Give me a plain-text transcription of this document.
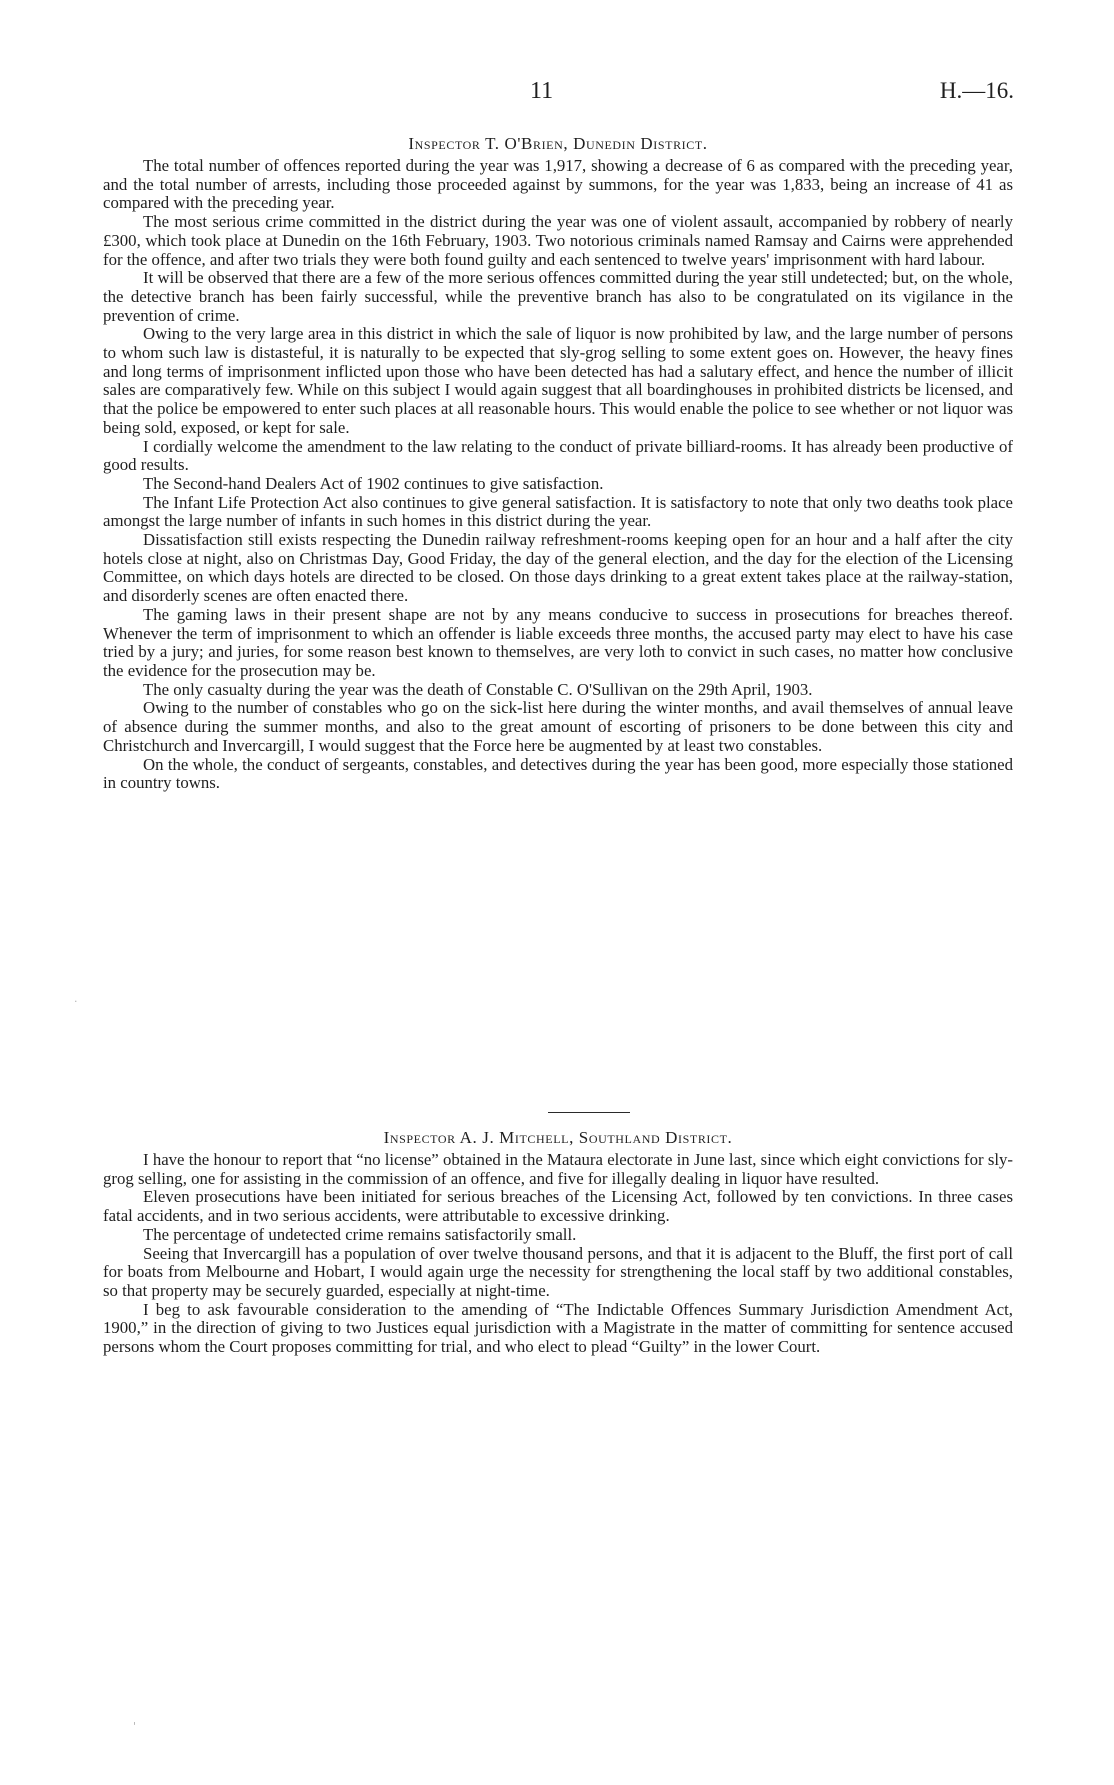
11	H.—16.
Inspector T. O'Brien, Dunedin District.

The total number of offences reported during the year was 1,917, showing a decrease of 6 as compared with the preceding year, and the total number of arrests, including those proceeded against by summons, for the year was 1,833, being an increase of 41 as compared with the preceding year.

The most serious crime committed in the district during the year was one of violent assault, accompanied by robbery of nearly £300, which took place at Dunedin on the 16th February, 1903. Two notorious criminals named Ramsay and Cairns were apprehended for the offence, and after two trials they were both found guilty and each sentenced to twelve years' imprisonment with hard labour.

It will be observed that there are a few of the more serious offences committed during the year still undetected; but, on the whole, the detective branch has been fairly successful, while the preventive branch has also to be congratulated on its vigilance in the prevention of crime.

Owing to the very large area in this district in which the sale of liquor is now prohibited by law, and the large number of persons to whom such law is distasteful, it is naturally to be expected that sly-grog selling to some extent goes on. However, the heavy fines and long terms of imprisonment inflicted upon those who have been detected has had a salutary effect, and hence the number of illicit sales are comparatively few. While on this subject I would again suggest that all boardinghouses in prohibited districts be licensed, and that the police be empowered to enter such places at all reasonable hours. This would enable the police to see whether or not liquor was being sold, exposed, or kept for sale.

I cordially welcome the amendment to the law relating to the conduct of private billiard-rooms. It has already been productive of good results.

The Second-hand Dealers Act of 1902 continues to give satisfaction.

The Infant Life Protection Act also continues to give general satisfaction. It is satisfactory to note that only two deaths took place amongst the large number of infants in such homes in this district during the year.

Dissatisfaction still exists respecting the Dunedin railway refreshment-rooms keeping open for an hour and a half after the city hotels close at night, also on Christmas Day, Good Friday, the day of the general election, and the day for the election of the Licensing Committee, on which days hotels are directed to be closed. On those days drinking to a great extent takes place at the railway-station, and disorderly scenes are often enacted there.

The gaming laws in their present shape are not by any means conducive to success in prosecutions for breaches thereof. Whenever the term of imprisonment to which an offender is liable exceeds three months, the accused party may elect to have his case tried by a jury; and juries, for some reason best known to themselves, are very loth to convict in such cases, no matter how conclusive the evidence for the prosecution may be.

The only casualty during the year was the death of Constable C. O'Sullivan on the 29th April, 1903.

Owing to the number of constables who go on the sick-list here during the winter months, and avail themselves of annual leave of absence during the summer months, and also to the great amount of escorting of prisoners to be done between this city and Christchurch and Invercargill, I would suggest that the Force here be augmented by at least two constables.

On the whole, the conduct of sergeants, constables, and detectives during the year has been good, more especially those stationed in country towns.

Inspector A. J. Mitchell, Southland District.

I have the honour to report that “no license” obtained in the Mataura electorate in June last, since which eight convictions for sly-grog selling, one for assisting in the commission of an offence, and five for illegally dealing in liquor have resulted.

Eleven prosecutions have been initiated for serious breaches of the Licensing Act, followed by ten convictions. In three cases fatal accidents, and in two serious accidents, were attributable to excessive drinking.

The percentage of undetected crime remains satisfactorily small.

Seeing that Invercargill has a population of over twelve thousand persons, and that it is adjacent to the Bluff, the first port of call for boats from Melbourne and Hobart, I would again urge the necessity for strengthening the local staff by two additional constables, so that property may be securely guarded, especially at night-time.

I beg to ask favourable consideration to the amending of “The Indictable Offences Summary Jurisdiction Amendment Act, 1900,” in the direction of giving to two Justices equal jurisdiction with a Magistrate in the matter of committing for sentence accused persons whom the Court proposes committing for trial, and who elect to plead “Guilty” in the lower Court.

'
·
